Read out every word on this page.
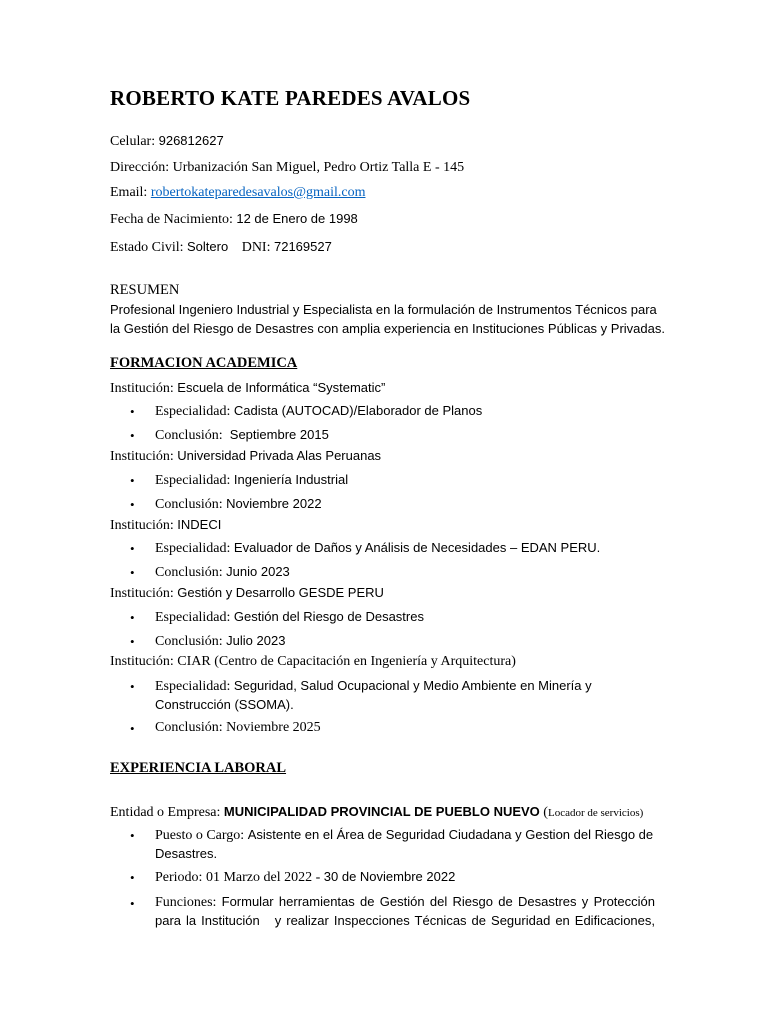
ROBERTO KATE PAREDES AVALOS
Celular: 926812627
Dirección: Urbanización San Miguel, Pedro Ortiz Talla E - 145
Email: robertokateparedesavalos@gmail.com
Fecha de Nacimiento: 12 de Enero de 1998
Estado Civil: Soltero DNI: 72169527
RESUMEN
Profesional Ingeniero Industrial y Especialista en la formulación de Instrumentos Técnicos para
la Gestión del Riesgo de Desastres con amplia experiencia en Instituciones Públicas y Privadas.
FORMACION ACADEMICA
Institución: Escuela de Informática “Systematic”
• Especialidad: Cadista (AUTOCAD)/Elaborador de Planos
• Conclusión:  Septiembre 2015
Institución: Universidad Privada Alas Peruanas
• Especialidad: Ingeniería Industrial
• Conclusión: Noviembre 2022
Institución: INDECI
• Especialidad: Evaluador de Daños y Análisis de Necesidades – EDAN PERU.
• Conclusión: Junio 2023
Institución: Gestión y Desarrollo GESDE PERU
• Especialidad: Gestión del Riesgo de Desastres
• Conclusión: Julio 2023
Institución: CIAR (Centro de Capacitación en Ingeniería y Arquitectura)
• Especialidad: Seguridad, Salud Ocupacional y Medio Ambiente en Minería y
Construcción (SSOMA).
• Conclusión: Noviembre 2025
EXPERIENCIA LABORAL
Entidad o Empresa: MUNICIPALIDAD PROVINCIAL DE PUEBLO NUEVO (Locador de servicios)
• Puesto o Cargo: Asistente en el Área de Seguridad Ciudadana y Gestion del Riesgo de
Desastres.
• Periodo: 01 Marzo del 2022 - 30 de Noviembre 2022
• Funciones: Formular herramientas de Gestión del Riesgo de Desastres y Protección
para la Institución   y realizar Inspecciones Técnicas de Seguridad en Edificaciones,
